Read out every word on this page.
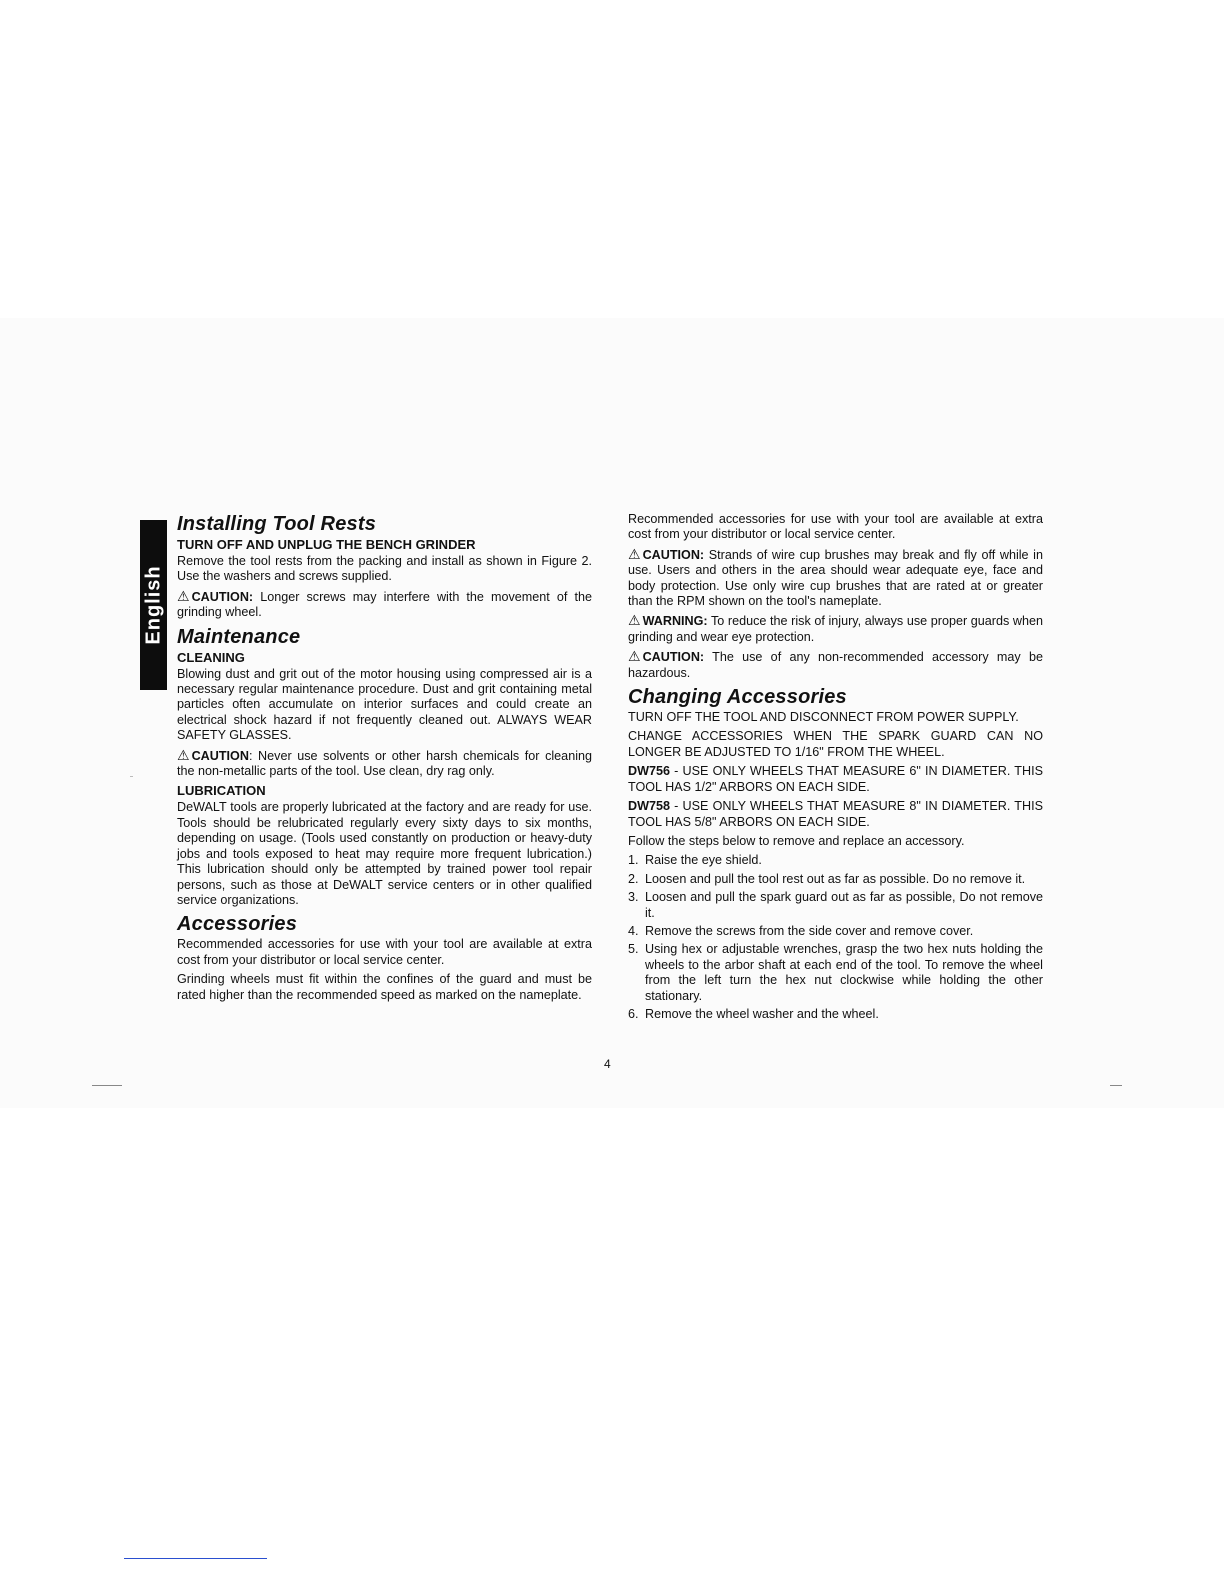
English
Installing Tool Rests
TURN OFF AND UNPLUG THE BENCH GRINDER

Remove the tool rests from the packing and install as shown in Figure 2. Use the washers and screws supplied.

⚠ CAUTION: Longer screws may interfere with the movement of the grinding wheel.

Maintenance
CLEANING

Blowing dust and grit out of the motor housing using compressed air is a necessary regular maintenance procedure. Dust and grit containing metal particles often accumulate on interior surfaces and could create an electrical shock hazard if not frequently cleaned out. ALWAYS WEAR SAFETY GLASSES.

⚠ CAUTION: Never use solvents or other harsh chemicals for cleaning the non-metallic parts of the tool. Use clean, dry rag only.

LUBRICATION

DeWALT tools are properly lubricated at the factory and are ready for use. Tools should be relubricated regularly every sixty days to six months, depending on usage. (Tools used constantly on production or heavy-duty jobs and tools exposed to heat may require more frequent lubrication.) This lubrication should only be attempted by trained power tool repair persons, such as those at DeWALT service centers or in other qualified service organizations.

Accessories

Recommended accessories for use with your tool are available at extra cost from your distributor or local service center.

Grinding wheels must fit within the confines of the guard and must be rated higher than the recommended speed as marked on the nameplate.

Recommended accessories for use with your tool are available at extra cost from your distributor or local service center.

⚠ CAUTION: Strands of wire cup brushes may break and fly off while in use. Users and others in the area should wear adequate eye, face and body protection. Use only wire cup brushes that are rated at or greater than the RPM shown on the tool's nameplate.

⚠ WARNING: To reduce the risk of injury, always use proper guards when grinding and wear eye protection.

⚠ CAUTION: The use of any non-recommended accessory may be hazardous.

Changing Accessories

TURN OFF THE TOOL AND DISCONNECT FROM POWER SUPPLY.

CHANGE ACCESSORIES WHEN THE SPARK GUARD CAN NO LONGER BE ADJUSTED TO 1/16" FROM THE WHEEL.

DW756 - USE ONLY WHEELS THAT MEASURE 6" IN DIAMETER. THIS TOOL HAS 1/2" ARBORS ON EACH SIDE.

DW758 - USE ONLY WHEELS THAT MEASURE 8" IN DIAMETER. THIS TOOL HAS 5/8" ARBORS ON EACH SIDE.

Follow the steps below to remove and replace an accessory.

1. Raise the eye shield.
2. Loosen and pull the tool rest out as far as possible. Do no remove it.
3. Loosen and pull the spark guard out as far as possible, Do not remove it.
4. Remove the screws from the side cover and remove cover.
5. Using hex or adjustable wrenches, grasp the two hex nuts holding the wheels to the arbor shaft at each end of the tool. To remove the wheel from the left turn the hex nut clockwise while holding the other stationary.
6. Remove the wheel washer and the wheel.
4
